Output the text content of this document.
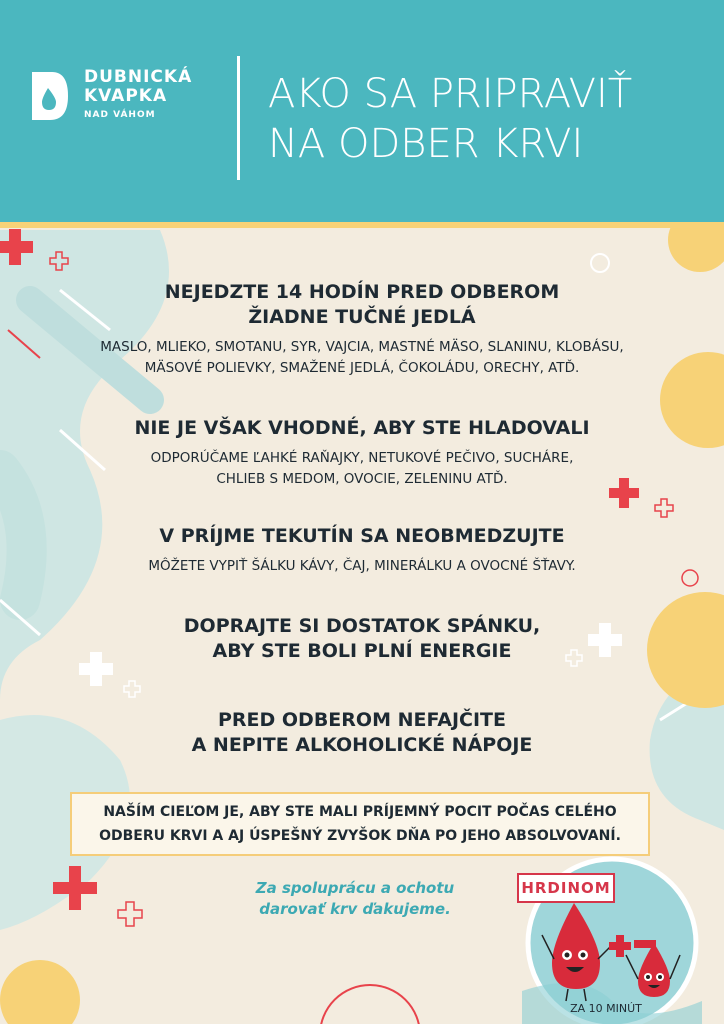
DUBNICKÁ
KVAPKA
NAD VÁHOM	AKO SA PRIPRAVIŤ
NA ODBER KRVI
NEJEDZTE 14 HODÍN PRED ODBEROM
ŽIADNE TUČNÉ JEDLÁ
MASLO, MLIEKO, SMOTANU, SYR, VAJCIA, MASTNÉ MÄSO, SLANINU, KLOBÁSU,
MÄSOVÉ POLIEVKY, SMAŽENÉ JEDLÁ, ČOKOLÁDU, ORECHY, ATĎ.
NIE JE VŠAK VHODNÉ, ABY STE HLADOVALI
ODPORÚČAME ĽAHKÉ RAŇAJKY, NETUKOVÉ PEČIVO, SUCHÁRE,
CHLIEB S MEDOM, OVOCIE, ZELENINU ATĎ.
V PRÍJME TEKUTÍN SA NEOBMEDZUJTE
MÔŽETE VYPIŤ ŠÁLKU KÁVY, ČAJ, MINERÁLKU A OVOCNÉ ŠŤAVY.
DOPRAJTE SI DOSTATOK SPÁNKU,
ABY STE BOLI PLNÍ ENERGIE
PRED ODBEROM NEFAJČITE
A NEPITE ALKOHOLICKÉ NÁPOJE
NAŠÍM CIEĽOM JE, ABY STE MALI PRÍJEMNÝ POCIT POČAS CELÉHO
ODBERU KRVI A AJ ÚSPEŠNÝ ZVYŠOK DŇA PO JEHO ABSOLVOVANÍ.
Za spoluprácu a ochotu
darovať krv ďakujeme.
HRDINOM
ZA 10 MINÚT
